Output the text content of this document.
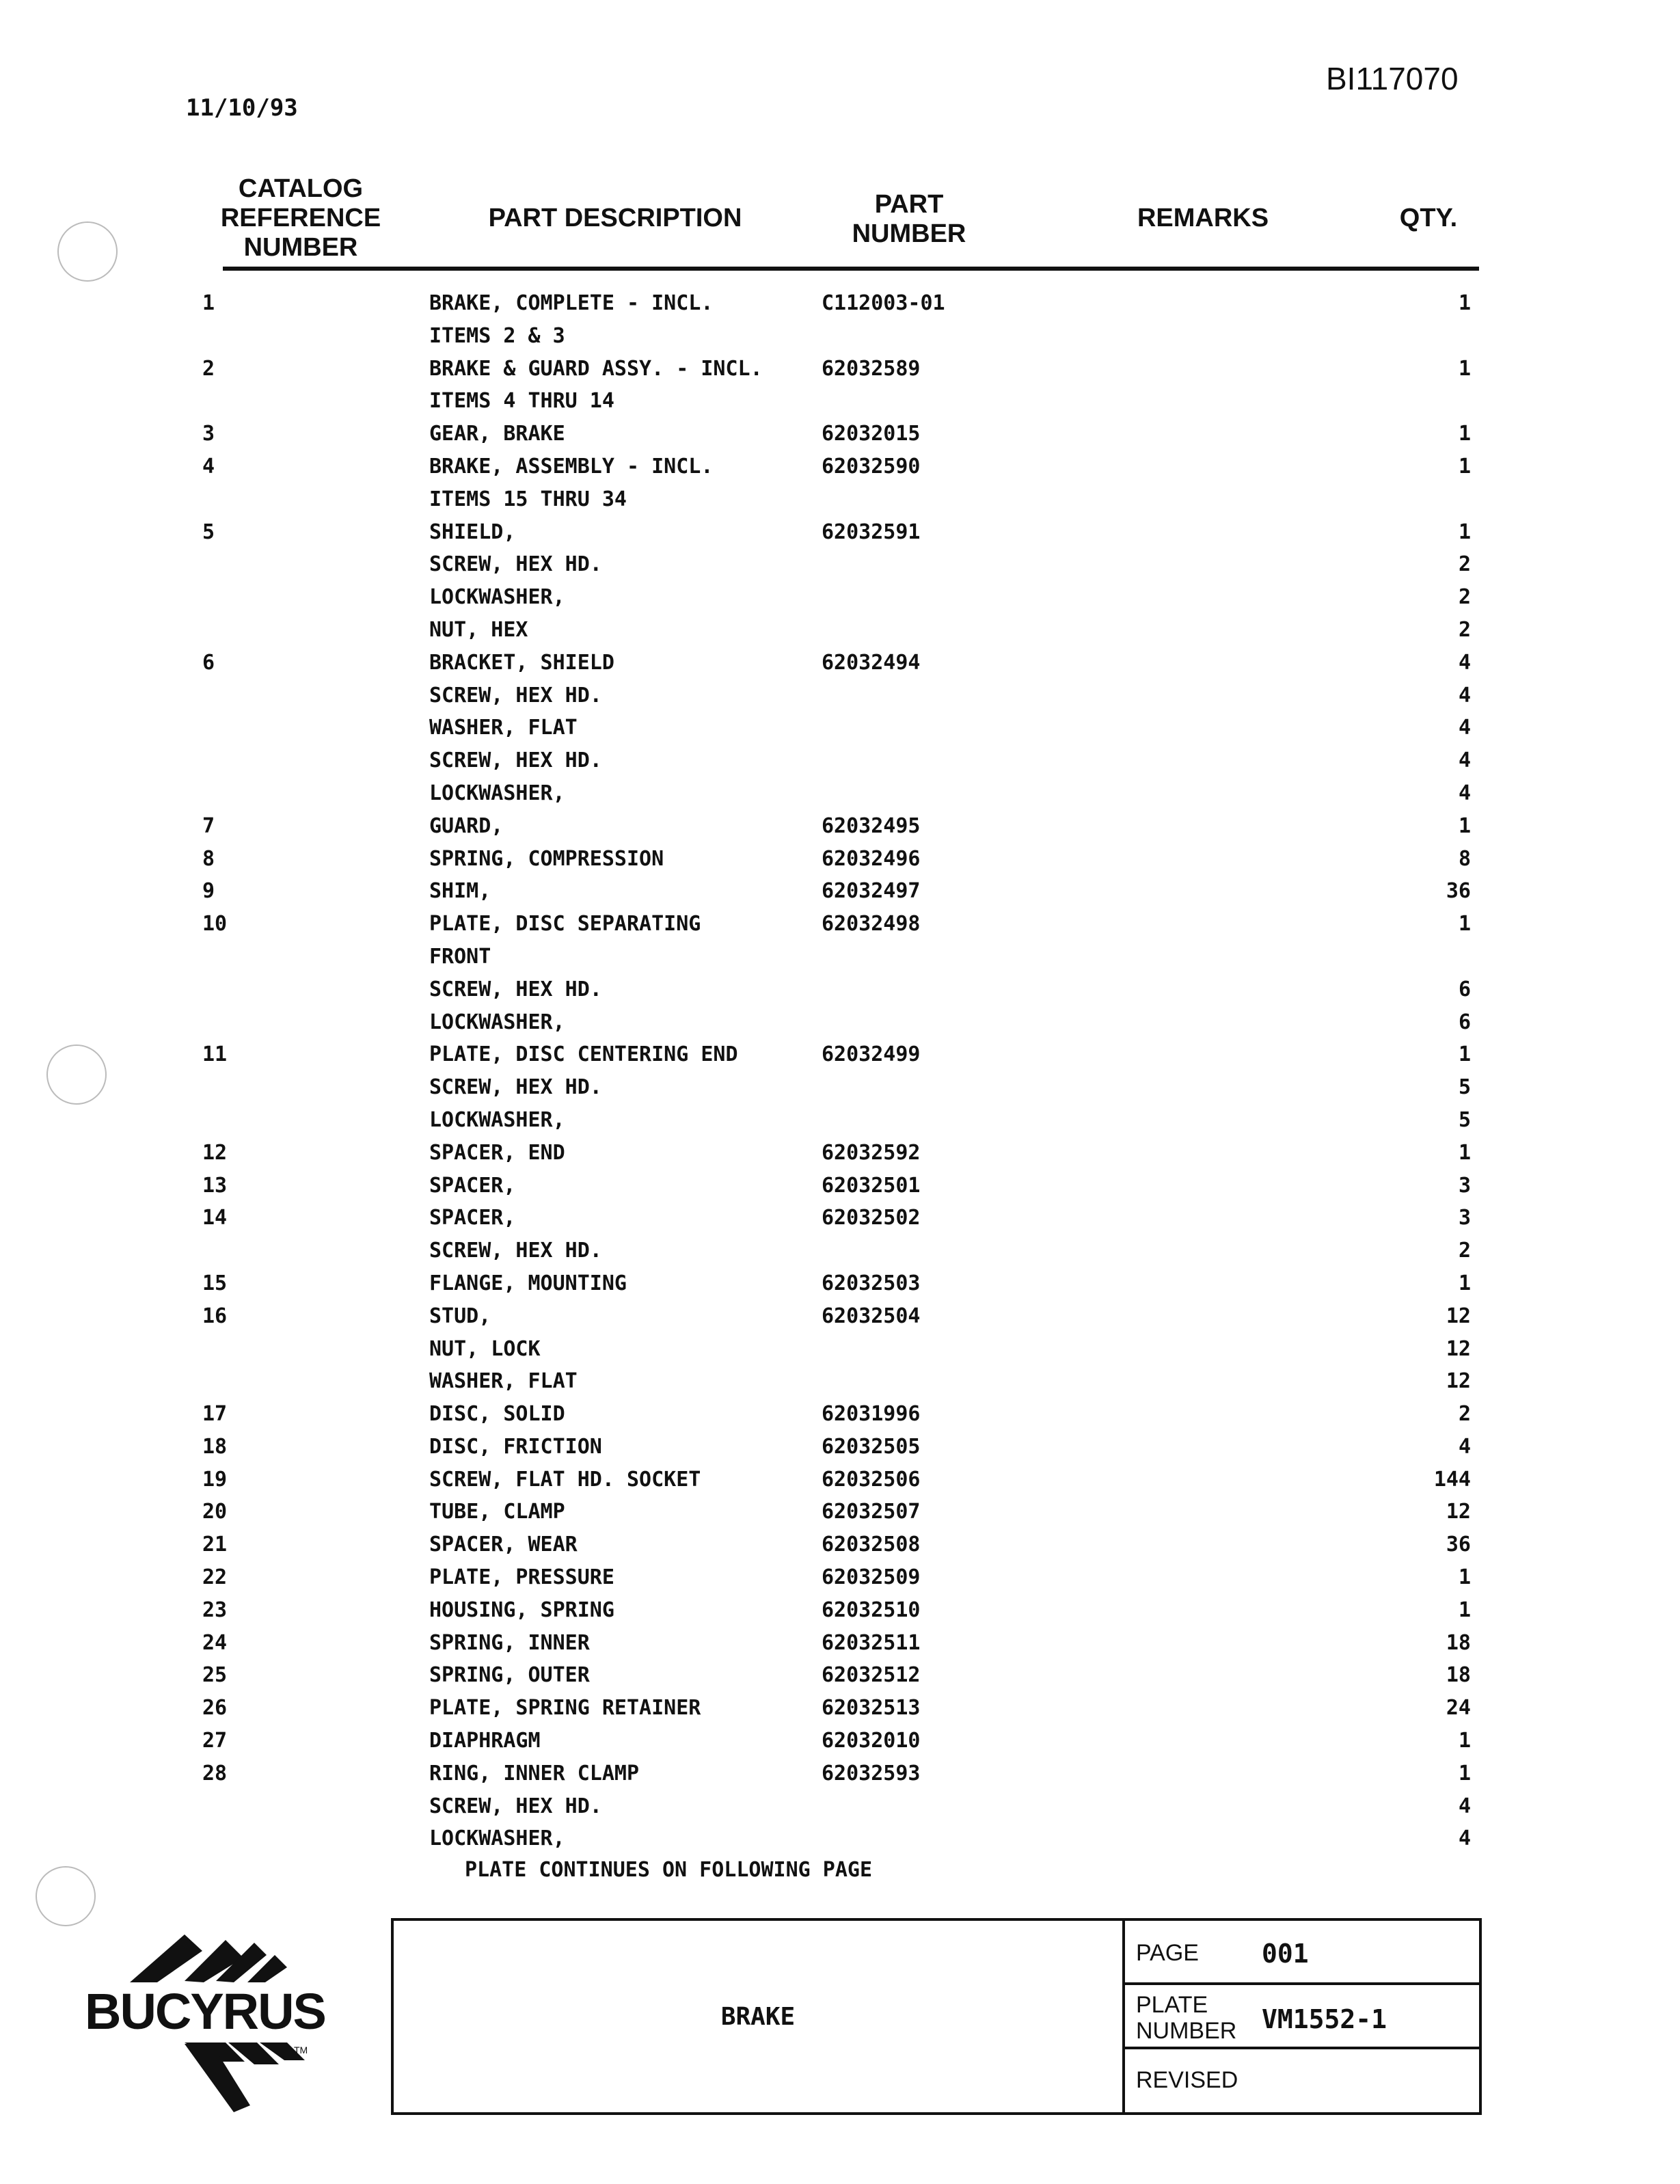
BI117070
11/10/93
CATALOG
REFERENCE
NUMBER
PART DESCRIPTION	PART
NUMBER
REMARKS	QTY.
1	BRAKE, COMPLETE - INCL.	C112003-01	1
ITEMS 2 & 3
2	BRAKE & GUARD ASSY. - INCL.	62032589	1
ITEMS 4 THRU 14
3	GEAR, BRAKE	62032015	1
4	BRAKE, ASSEMBLY - INCL.	62032590	1
ITEMS 15 THRU 34
5	SHIELD,	62032591	1
SCREW, HEX HD.	2
LOCKWASHER,	2
NUT, HEX	2
6	BRACKET, SHIELD	62032494	4
SCREW, HEX HD.	4
WASHER, FLAT	4
SCREW, HEX HD.	4
LOCKWASHER,	4
7	GUARD,	62032495	1
8	SPRING, COMPRESSION	62032496	8
9	SHIM,	62032497	36
10	PLATE, DISC SEPARATING	62032498	1
FRONT
SCREW, HEX HD.	6
LOCKWASHER,	6
11	PLATE, DISC CENTERING END	62032499	1
SCREW, HEX HD.	5
LOCKWASHER,	5
12	SPACER, END	62032592	1
13	SPACER,	62032501	3
14	SPACER,	62032502	3
SCREW, HEX HD.	2
15	FLANGE, MOUNTING	62032503	1
16	STUD,	62032504	12
NUT, LOCK	12
WASHER, FLAT	12
17	DISC, SOLID	62031996	2
18	DISC, FRICTION	62032505	4
19	SCREW, FLAT HD. SOCKET	62032506	144
20	TUBE, CLAMP	62032507	12
21	SPACER, WEAR	62032508	36
22	PLATE, PRESSURE	62032509	1
23	HOUSING, SPRING	62032510	1
24	SPRING, INNER	62032511	18
25	SPRING, OUTER	62032512	18
26	PLATE, SPRING RETAINER	62032513	24
27	DIAPHRAGM	62032010	1
28	RING, INNER CLAMP	62032593	1
SCREW, HEX HD.	4
LOCKWASHER,	4
PLATE CONTINUES ON FOLLOWING PAGE
TM
BUCYRUS	BRAKE
PAGE 001
PLATE
NUMBER VM1552-1
REVISED
